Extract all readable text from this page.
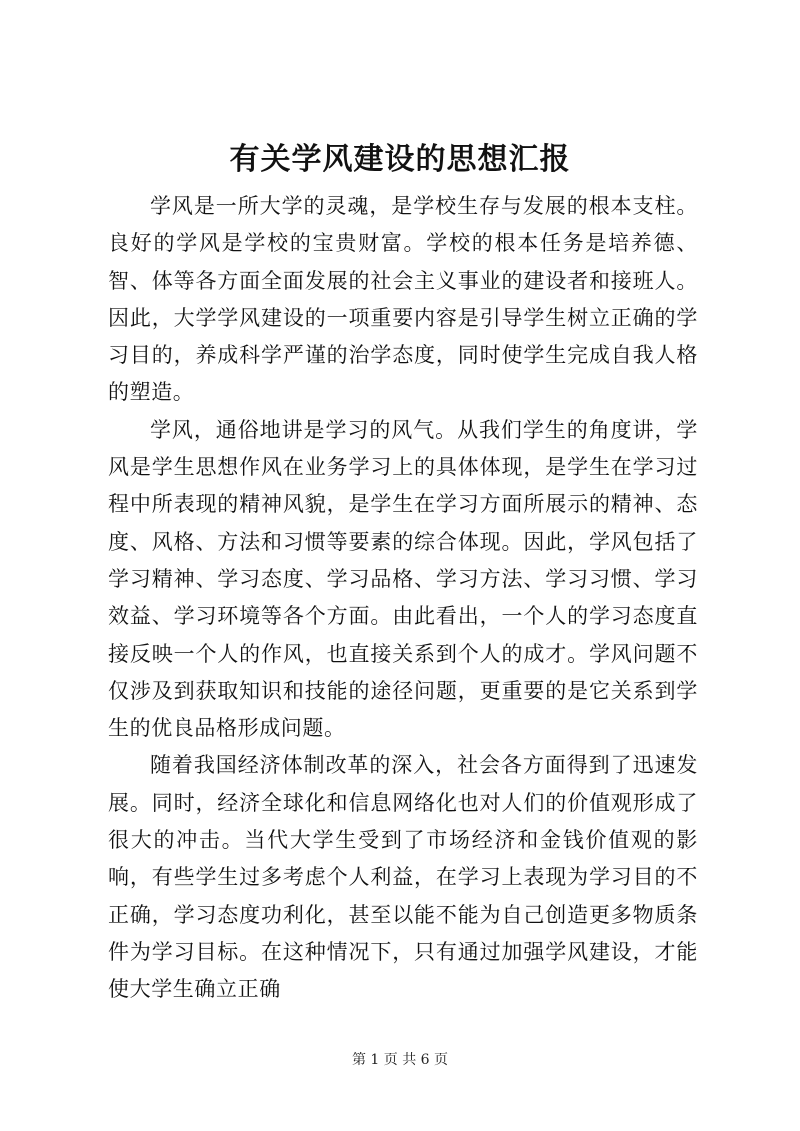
有关学风建设的思想汇报

学风是一所大学的灵魂，是学校生存与发展的根本支柱。良好的学风是学校的宝贵财富。学校的根本任务是培养德、智、体等各方面全面发展的社会主义事业的建设者和接班人。因此，大学学风建设的一项重要内容是引导学生树立正确的学习目的，养成科学严谨的治学态度，同时使学生完成自我人格的塑造。

学风，通俗地讲是学习的风气。从我们学生的角度讲，学风是学生思想作风在业务学习上的具体体现，是学生在学习过程中所表现的精神风貌，是学生在学习方面所展示的精神、态度、风格、方法和习惯等要素的综合体现。因此，学风包括了学习精神、学习态度、学习品格、学习方法、学习习惯、学习效益、学习环境等各个方面。由此看出，一个人的学习态度直接反映一个人的作风，也直接关系到个人的成才。学风问题不仅涉及到获取知识和技能的途径问题，更重要的是它关系到学生的优良品格形成问题。

随着我国经济体制改革的深入，社会各方面得到了迅速发展。同时，经济全球化和信息网络化也对人们的价值观形成了很大的冲击。当代大学生受到了市场经济和金钱价值观的影响，有些学生过多考虑个人利益，在学习上表现为学习目的不正确，学习态度功利化，甚至以能不能为自己创造更多物质条件为学习目标。在这种情况下，只有通过加强学风建设，才能使大学生确立正确

第 1 页 共 6 页
